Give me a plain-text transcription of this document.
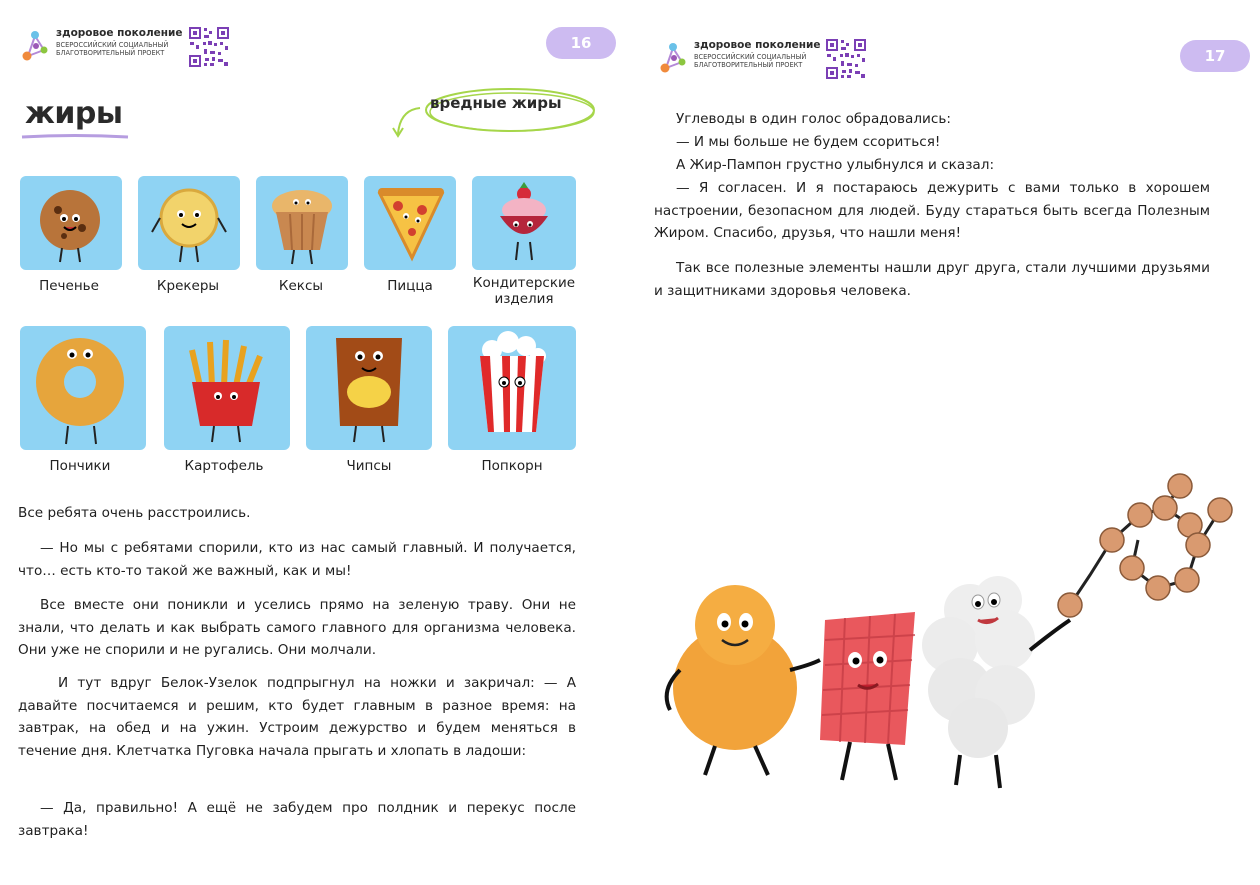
здоровое поколение
ВСЕРОССИЙСКИЙ СОЦИАЛЬНЫЙ БЛАГОТВОРИТЕЛЬНЫЙ ПРОЕКТ
16
жиры	вредные жиры
Печенье	Крекеры	Кексы	Пицца	Кондитерские изделия
Пончики	Картофель	Чипсы	Попкорн
Все ребята очень расстроились.
— Но мы с ребятами спорили, кто из нас самый главный. И получается, что… есть кто-то такой же важный, как и мы!
Все вместе они поникли и уселись прямо на зеленую траву. Они не знали, что делать и как выбрать самого главного для организма человека. Они уже не спорили и не ругались. Они молчали.
И тут вдруг Белок-Узелок подпрыгнул на ножки и закричал: — А давайте посчитаемся и решим, кто будет главным в разное время: на завтрак, на обед и на ужин. Устроим дежурство и будем меняться в течение дня. Клетчатка Пуговка начала прыгать и хлопать в ладоши:
— Да, правильно! А ещё не забудем про полдник и перекус после завтрака!
здоровое поколение
ВСЕРОССИЙСКИЙ СОЦИАЛЬНЫЙ БЛАГОТВОРИТЕЛЬНЫЙ ПРОЕКТ	17
Углеводы в один голос обрадовались:
— И мы больше не будем ссориться!
А Жир-Пампон грустно улыбнулся и сказал:
— Я согласен. И я постараюсь дежурить с вами только в хорошем настроении, безопасном для людей. Буду стараться быть всегда Полезным Жиром. Спасибо, друзья, что нашли меня!
Так все полезные элементы нашли друг друга, стали лучшими друзьями и защитниками здоровья человека.
